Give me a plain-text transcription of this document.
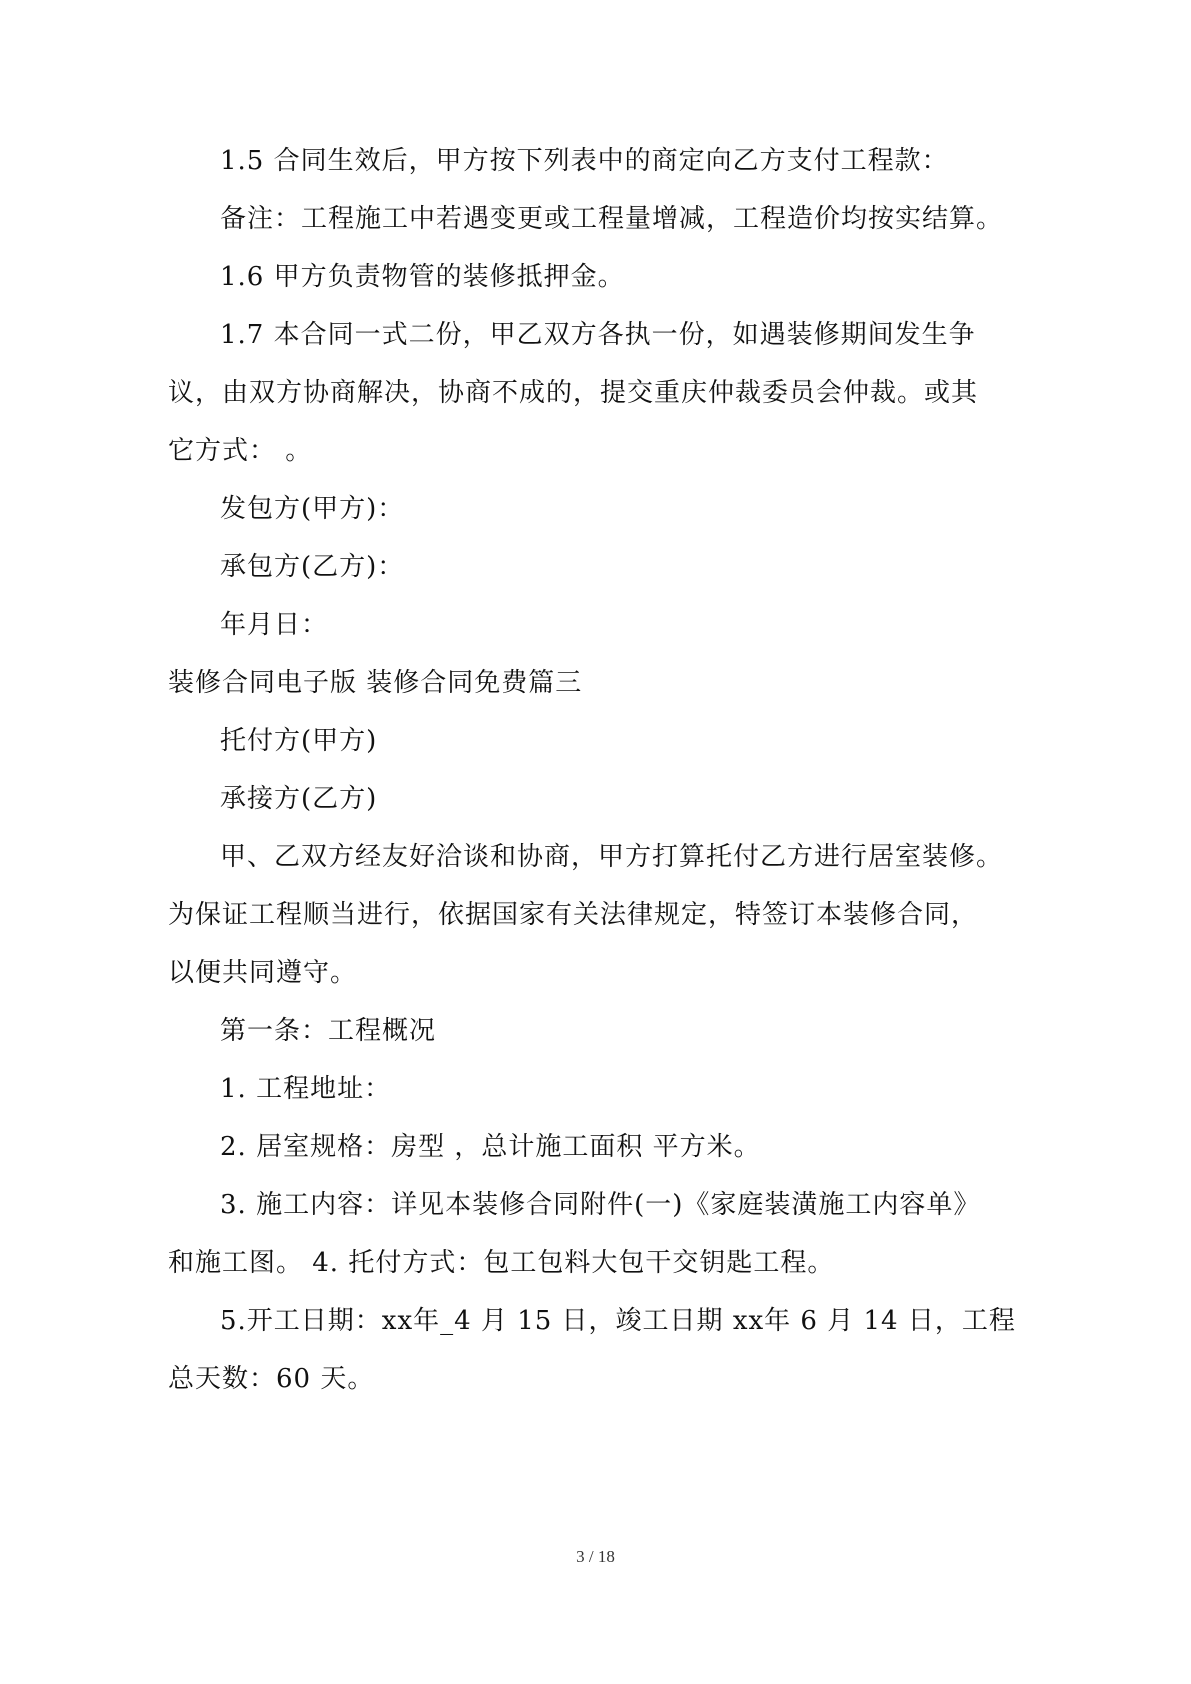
1.5 合同生效后，甲方按下列表中的商定向乙方支付工程款：
备注：工程施工中若遇变更或工程量增减，工程造价均按实结算。
1.6 甲方负责物管的装修抵押金。
1.7 本合同一式二份，甲乙双方各执一份，如遇装修期间发生争
议，由双方协商解决，协商不成的，提交重庆仲裁委员会仲裁。或其
它方式： 。
发包方(甲方)：
承包方(乙方)：
年月日：
装修合同电子版 装修合同免费篇三
托付方(甲方)
承接方(乙方)
甲、乙双方经友好洽谈和协商，甲方打算托付乙方进行居室装修。
为保证工程顺当进行，依据国家有关法律规定，特签订本装修合同，
以便共同遵守。
第一条：工程概况
1. 工程地址：
2. 居室规格：房型 ，总计施工面积 平方米。
3. 施工内容：详见本装修合同附件(一)《家庭装潢施工内容单》
和施工图。 4. 托付方式：包工包料大包干交钥匙工程。
5.开工日期：xx年_4 月 15 日，竣工日期 xx年 6 月 14 日，工程
总天数：60 天。
3 / 18
